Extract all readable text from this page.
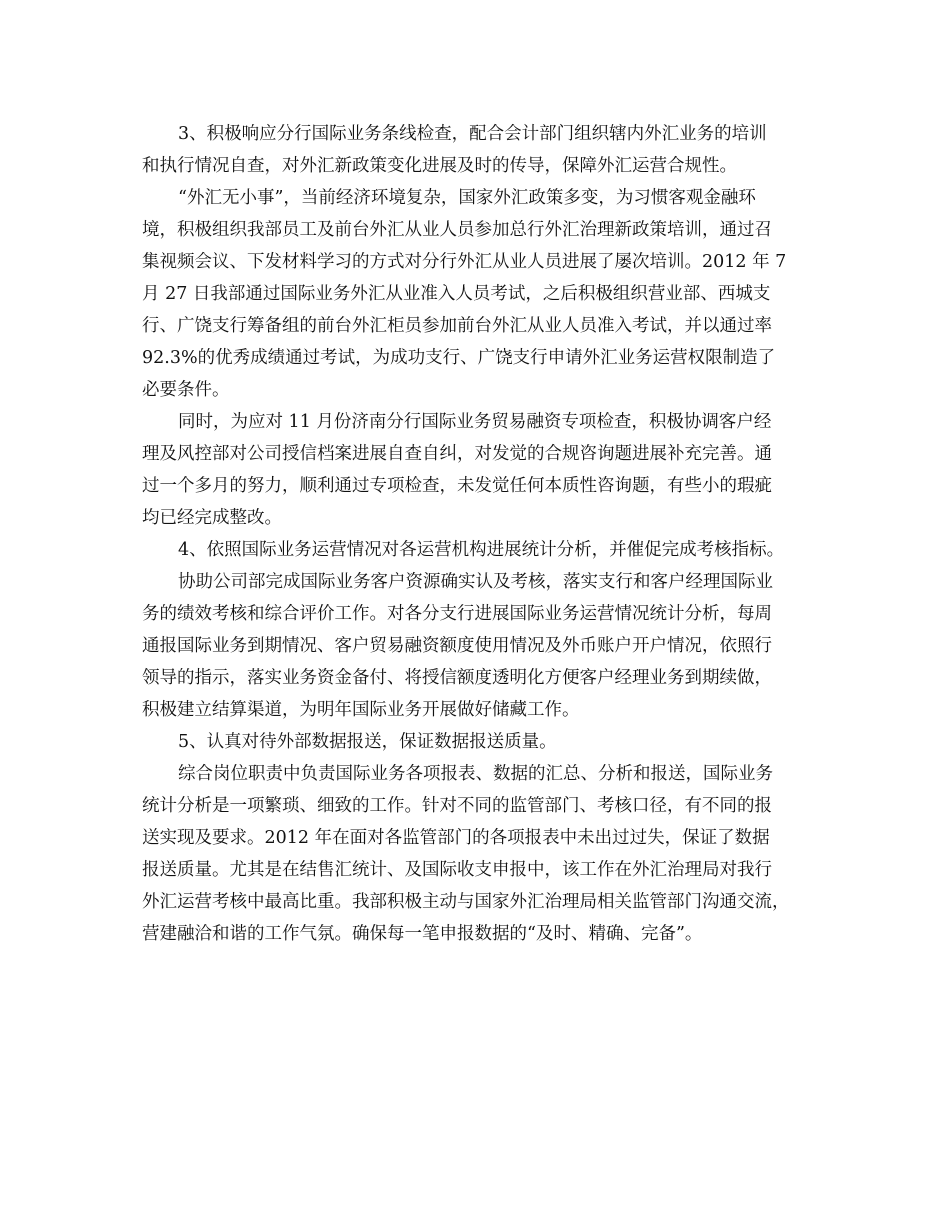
3、积极响应分行国际业务条线检查，配合会计部门组织辖内外汇业务的培训
和执行情况自查，对外汇新政策变化进展及时的传导，保障外汇运营合规性。
“外汇无小事”，当前经济环境复杂，国家外汇政策多变，为习惯客观金融环
境，积极组织我部员工及前台外汇从业人员参加总行外汇治理新政策培训，通过召
集视频会议、下发材料学习的方式对分行外汇从业人员进展了屡次培训。2012 年 7
月 27 日我部通过国际业务外汇从业准入人员考试，之后积极组织营业部、西城支
行、广饶支行筹备组的前台外汇柜员参加前台外汇从业人员准入考试，并以通过率
92.3%的优秀成绩通过考试，为成功支行、广饶支行申请外汇业务运营权限制造了
必要条件。
同时，为应对 11 月份济南分行国际业务贸易融资专项检查，积极协调客户经
理及风控部对公司授信档案进展自查自纠，对发觉的合规咨询题进展补充完善。通
过一个多月的努力，顺利通过专项检查，未发觉任何本质性咨询题，有些小的瑕疵
均已经完成整改。
4、依照国际业务运营情况对各运营机构进展统计分析，并催促完成考核指标。
协助公司部完成国际业务客户资源确实认及考核，落实支行和客户经理国际业
务的绩效考核和综合评价工作。对各分支行进展国际业务运营情况统计分析，每周
通报国际业务到期情况、客户贸易融资额度使用情况及外币账户开户情况，依照行
领导的指示，落实业务资金备付、将授信额度透明化方便客户经理业务到期续做，
积极建立结算渠道，为明年国际业务开展做好储藏工作。
5、认真对待外部数据报送，保证数据报送质量。
综合岗位职责中负责国际业务各项报表、数据的汇总、分析和报送，国际业务
统计分析是一项繁琐、细致的工作。针对不同的监管部门、考核口径，有不同的报
送实现及要求。2012 年在面对各监管部门的各项报表中未出过过失，保证了数据
报送质量。尤其是在结售汇统计、及国际收支申报中，该工作在外汇治理局对我行
外汇运营考核中最高比重。我部积极主动与国家外汇治理局相关监管部门沟通交流，
营建融洽和谐的工作气氛。确保每一笔申报数据的“及时、精确、完备”。
